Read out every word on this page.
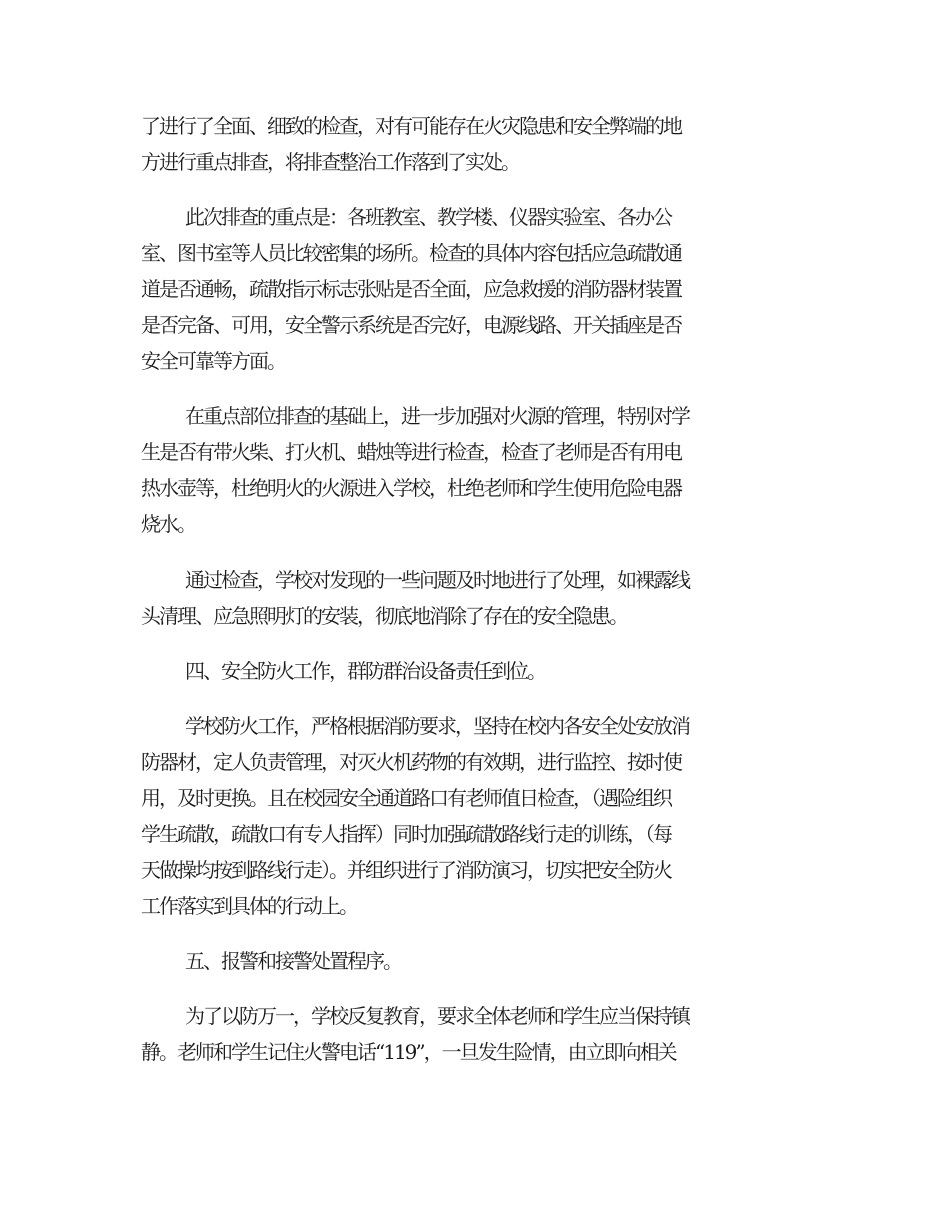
了进行了全面、细致的检查，对有可能存在火灾隐患和安全弊端的地

方进行重点排查，将排查整治工作落到了实处。

此次排查的重点是：各班教室、教学楼、仪器实验室、各办公

室、图书室等人员比较密集的场所。检查的具体内容包括应急疏散通

道是否通畅，疏散指示标志张贴是否全面，应急救援的消防器材装置

是否完备、可用，安全警示系统是否完好，电源线路、开关插座是否

安全可靠等方面。

在重点部位排查的基础上，进一步加强对火源的管理，特别对学

生是否有带火柴、打火机、蜡烛等进行检查，检查了老师是否有用电

热水壶等，杜绝明火的火源进入学校，杜绝老师和学生使用危险电器

烧水。

通过检查，学校对发现的一些问题及时地进行了处理，如裸露线

头清理、应急照明灯的安装，彻底地消除了存在的安全隐患。

四、安全防火工作，群防群治设备责任到位。

学校防火工作，严格根据消防要求，坚持在校内各安全处安放消

防器材，定人负责管理，对灭火机药物的有效期，进行监控、按时使

用，及时更换。且在校园安全通道路口有老师值日检查，（遇险组织

学生疏散，疏散口有专人指挥）同时加强疏散路线行走的训练，（每

天做操均按到路线行走）。并组织进行了消防演习，切实把安全防火

工作落实到具体的行动上。

五、报警和接警处置程序。

为了以防万一，学校反复教育，要求全体老师和学生应当保持镇

静。老师和学生记住火警电话“119”，一旦发生险情，由立即向相关
